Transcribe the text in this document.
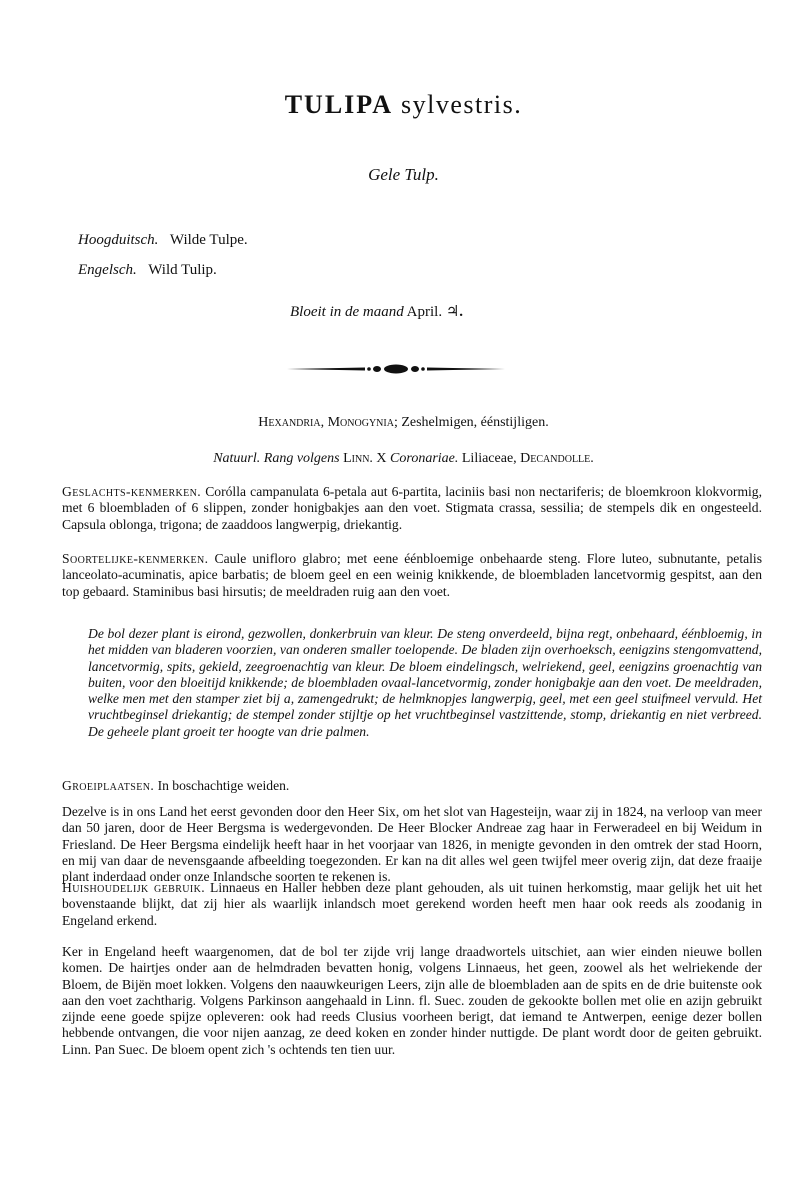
TULIPA sylvestris.
Gele Tulp.
Hoogduitsch. Wilde Tulpe.
Engelsch. Wild Tulip.
Bloeit in de maand April. ♃.
Hexandria, Monogynia; Zeshelmigen, éénstijligen.
Natuurl. Rang volgens Linn. X Coronariae. Liliaceae, Decandolle.

Geslachts-kenmerken. Corólla campanulata 6-petala aut 6-partita, laciniis basi non nectariferis; de bloemkroon klokvormig, met 6 bloembladen of 6 slippen, zonder honigbakjes aan den voet. Stigmata crassa, sessilia; de stempels dik en ongesteeld. Capsula oblonga, trigona; de zaaddoos langwerpig, driekantig.

Soortelijke-kenmerken. Caule unifloro glabro; met eene éénbloemige onbehaarde steng. Flore luteo, subnutante, petalis lanceolato-acuminatis, apice barbatis; de bloem geel en een weinig knikkende, de bloembladen lancetvormig gespitst, aan den top gebaard. Staminibus basi hirsutis; de meeldraden ruig aan den voet.

De bol dezer plant is eirond, gezwollen, donkerbruin van kleur. De steng onverdeeld, bijna regt, onbehaard, éénbloemig, in het midden van bladeren voorzien, van onderen smaller toelopende. De bladen zijn overhoeksch, eenigzins stengomvattend, lancetvormig, spits, gekield, zeegroenachtig van kleur. De bloem eindelingsch, welriekend, geel, eenigzins groenachtig van buiten, voor den bloeitijd knikkende; de bloembladen ovaal-lancetvormig, zonder honigbakje aan den voet. De meeldraden, welke men met den stamper ziet bij a, zamengedrukt; de helmknopjes langwerpig, geel, met een geel stuifmeel vervuld. Het vruchtbeginsel driekantig; de stempel zonder stijltje op het vruchtbeginsel vastzittende, stomp, driekantig en niet verbreed. De geheele plant groeit ter hoogte van drie palmen.

Groeiplaatsen. In boschachtige weiden.

Dezelve is in ons Land het eerst gevonden door den Heer Six, om het slot van Hagesteijn, waar zij in 1824, na verloop van meer dan 50 jaren, door de Heer Bergsma is wedergevonden. De Heer Blocker Andreae zag haar in Ferweradeel en bij Weidum in Friesland. De Heer Bergsma eindelijk heeft haar in het voorjaar van 1826, in menigte gevonden in den omtrek der stad Hoorn, en mij van daar de nevensgaande afbeelding toegezonden. Er kan na dit alles wel geen twijfel meer overig zijn, dat deze fraaije plant inderdaad onder onze Inlandsche soorten te rekenen is.

Huishoudelijk gebruik. Linnaeus en Haller hebben deze plant gehouden, als uit tuinen herkomstig, maar gelijk het uit het bovenstaande blijkt, dat zij hier als waarlijk inlandsch moet gerekend worden heeft men haar ook reeds als zoodanig in Engeland erkend.

Ker in Engeland heeft waargenomen, dat de bol ter zijde vrij lange draadwortels uitschiet, aan wier einden nieuwe bollen komen. De hairtjes onder aan de helmdraden bevatten honig, volgens Linnaeus, het geen, zoowel als het welriekende der Bloem, de Bijën moet lokken. Volgens den naauwkeurigen Leers, zijn alle de bloembladen aan de spits en de drie buitenste ook aan den voet zachtharig. Volgens Parkinson aangehaald in Linn. fl. Suec. zouden de gekookte bollen met olie en azijn gebruikt zijnde eene goede spijze opleveren: ook had reeds Clusius voorheen berigt, dat iemand te Antwerpen, eenige dezer bollen hebbende ontvangen, die voor nijen aanzag, ze deed koken en zonder hinder nuttigde. De plant wordt door de geiten gebruikt. Linn. Pan Suec. De bloem opent zich 's ochtends ten tien uur.
